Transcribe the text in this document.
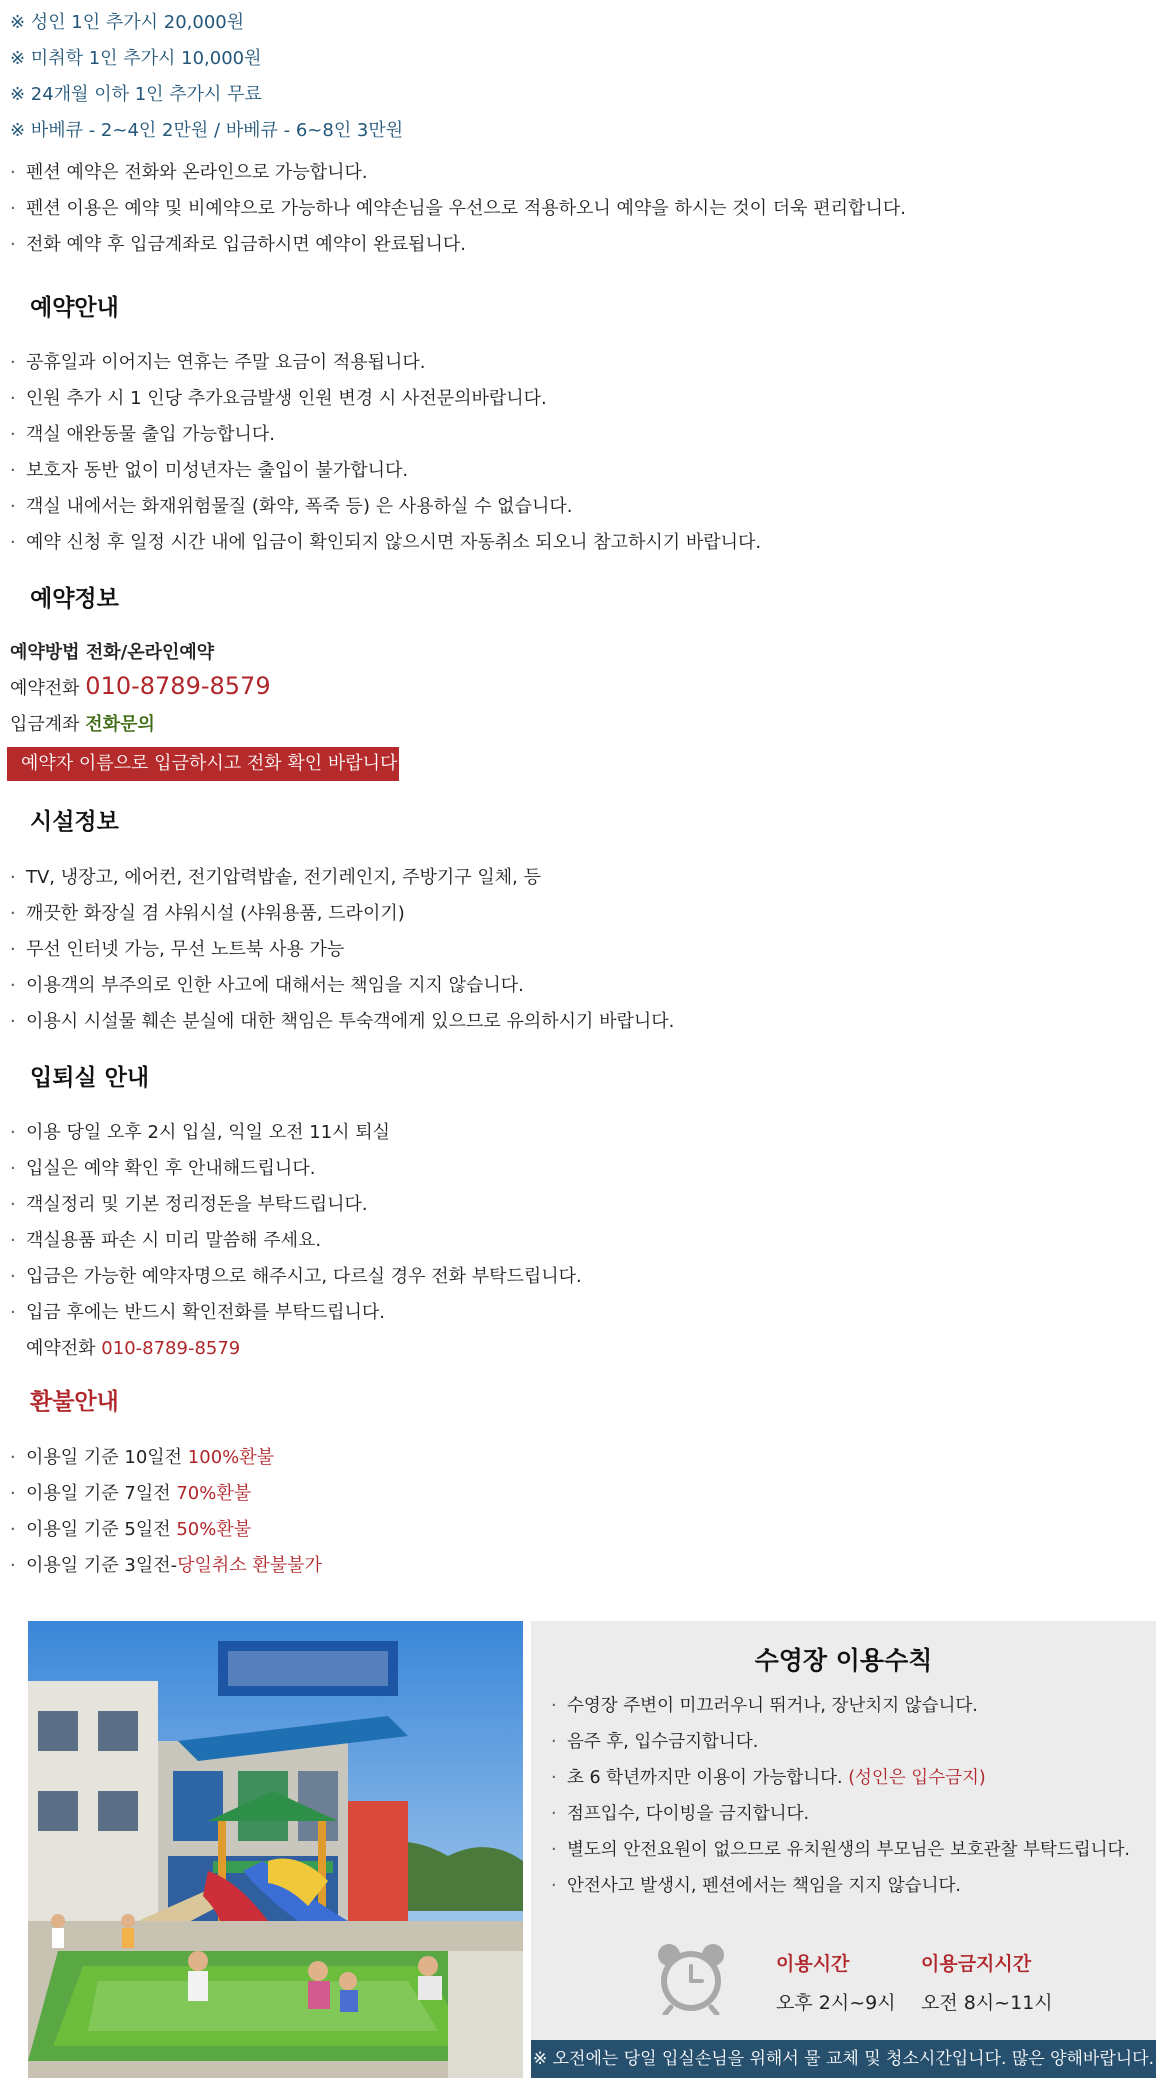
※ 성인 1인 추가시 20,000원
※ 미취학 1인 추가시 10,000원
※ 24개월 이하 1인 추가시 무료
※ 바베큐 - 2~4인 2만원 / 바베큐 - 6~8인 3만원
· 펜션 예약은 전화와 온라인으로 가능합니다.
· 펜션 이용은 예약 및 비예약으로 가능하나 예약손님을 우선으로 적용하오니 예약을 하시는 것이 더욱 편리합니다.
· 전화 예약 후 입금계좌로 입금하시면 예약이 완료됩니다.
예약안내
· 공휴일과 이어지는 연휴는 주말 요금이 적용됩니다.
· 인원 추가 시 1 인당 추가요금발생 인원 변경 시 사전문의바랍니다.
· 객실 애완동물 출입 가능합니다.
· 보호자 동반 없이 미성년자는 출입이 불가합니다.
· 객실 내에서는 화재위험물질 (화약, 폭죽 등) 은 사용하실 수 없습니다.
· 예약 신청 후 일정 시간 내에 입금이 확인되지 않으시면 자동취소 되오니 참고하시기 바랍니다.
예약정보
예약방법 전화/온라인예약
예약전화 010-8789-8579
입금계좌 전화문의
예약자 이름으로 입금하시고 전화 확인 바랍니다.
시설정보
· TV, 냉장고, 에어컨, 전기압력밥솥, 전기레인지, 주방기구 일체, 등
· 깨끗한 화장실 겸 샤워시설 (샤워용품, 드라이기)
· 무선 인터넷 가능, 무선 노트북 사용 가능
· 이용객의 부주의로 인한 사고에 대해서는 책임을 지지 않습니다.
· 이용시 시설물 훼손 분실에 대한 책임은 투숙객에게 있으므로 유의하시기 바랍니다.
입퇴실 안내
· 이용 당일 오후 2시 입실, 익일 오전 11시 퇴실
· 입실은 예약 확인 후 안내해드립니다.
· 객실정리 및 기본 정리정돈을 부탁드립니다.
· 객실용품 파손 시 미리 말씀해 주세요.
· 입금은 가능한 예약자명으로 해주시고, 다르실 경우 전화 부탁드립니다.
· 입금 후에는 반드시 확인전화를 부탁드립니다.
예약전화 010-8789-8579
환불안내
· 이용일 기준 10일전 100%환불
· 이용일 기준 7일전 70%환불
· 이용일 기준 5일전 50%환불
· 이용일 기준 3일전-당일취소 환불불가
수영장 이용수칙
· 수영장 주변이 미끄러우니 뛰거나, 장난치지 않습니다.
· 음주 후, 입수금지합니다.
· 초 6 학년까지만 이용이 가능합니다. (성인은 입수금지)
· 점프입수, 다이빙을 금지합니다.
· 별도의 안전요원이 없으므로 유치원생의 부모님은 보호관찰 부탁드립니다.
· 안전사고 발생시, 펜션에서는 책임을 지지 않습니다.
이용시간
오후 2시~9시
이용금지시간
오전 8시~11시
※ 오전에는 당일 입실손님을 위해서 물 교체 및 청소시간입니다. 많은 양해바랍니다.
